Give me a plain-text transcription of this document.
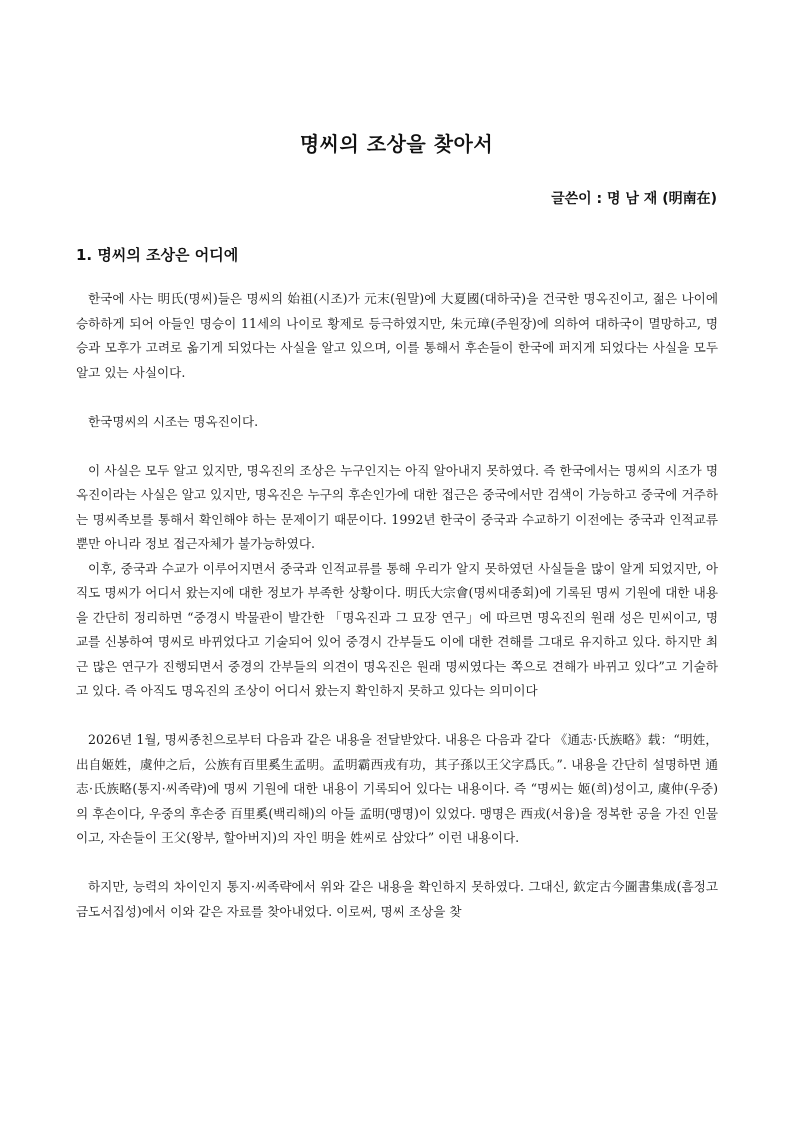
명씨의 조상을 찾아서
글쓴이 : 명 남 재 (明南在)
1. 명씨의 조상은 어디에

한국에 사는 明氏(명씨)들은 명씨의 始祖(시조)가 元末(원말)에 大夏國(대하국)을 건국한 명옥진이고, 젊은 나이에 승하하게 되어 아들인 명승이 11세의 나이로 황제로 등극하였지만, 朱元璋(주원장)에 의하여 대하국이 멸망하고, 명승과 모후가 고려로 옮기게 되었다는 사실을 알고 있으며, 이를 통해서 후손들이 한국에 퍼지게 되었다는 사실을 모두 알고 있는 사실이다.

한국명씨의 시조는 명옥진이다.

이 사실은 모두 알고 있지만, 명옥진의 조상은 누구인지는 아직 알아내지 못하였다. 즉 한국에서는 명씨의 시조가 명옥진이라는 사실은 알고 있지만, 명옥진은 누구의 후손인가에 대한 접근은 중국에서만 검색이 가능하고 중국에 거주하는 명씨족보를 통해서 확인해야 하는 문제이기 때문이다. 1992년 한국이 중국과 수교하기 이전에는 중국과 인적교류 뿐만 아니라 정보 접근자체가 불가능하였다.

이후, 중국과 수교가 이루어지면서 중국과 인적교류를 통해 우리가 알지 못하였던 사실들을 많이 알게 되었지만, 아직도 명씨가 어디서 왔는지에 대한 정보가 부족한 상황이다. 明氏大宗會(명씨대종회)에 기록된 명씨 기원에 대한 내용을 간단히 정리하면 “중경시 박물관이 발간한 「명옥진과 그 묘장 연구」에 따르면 명옥진의 원래 성은 민씨이고, 명교를 신봉하여 명씨로 바뀌었다고 기술되어 있어 중경시 간부들도 이에 대한 견해를 그대로 유지하고 있다. 하지만 최근 많은 연구가 진행되면서 중경의 간부들의 의견이 명옥진은 원래 명씨였다는 쪽으로 견해가 바뀌고 있다”고 기술하고 있다. 즉 아직도 명옥진의 조상이 어디서 왔는지 확인하지 못하고 있다는 의미이다

2026년 1월, 명씨종친으로부터 다음과 같은 내용을 전달받았다. 내용은 다음과 같다 《通志·氏族略》载：“明姓， 出自姬姓，虞仲之后，公族有百里奚生孟明。孟明霸西戎有功，其子孫以王父字爲氏。”. 내용을 간단히 설명하면 通志·氏族略(통지·씨족략)에 명씨 기원에 대한 내용이 기록되어 있다는 내용이다. 즉 “명씨는 姬(희)성이고, 虞仲(우중)의 후손이다, 우중의 후손중 百里奚(백리해)의 아들 孟明(맹명)이 있었다. 맹명은 西戎(서융)을 정복한 공을 가진 인물이고, 자손들이 王父(왕부, 할아버지)의 자인 明을 姓씨로 삼았다” 이런 내용이다.

하지만, 능력의 차이인지 통지·씨족략에서 위와 같은 내용을 확인하지 못하였다. 그대신, 欽定古今圖書集成(흠정고금도서집성)에서 이와 같은 자료를 찾아내었다. 이로써, 명씨 조상을 찾
